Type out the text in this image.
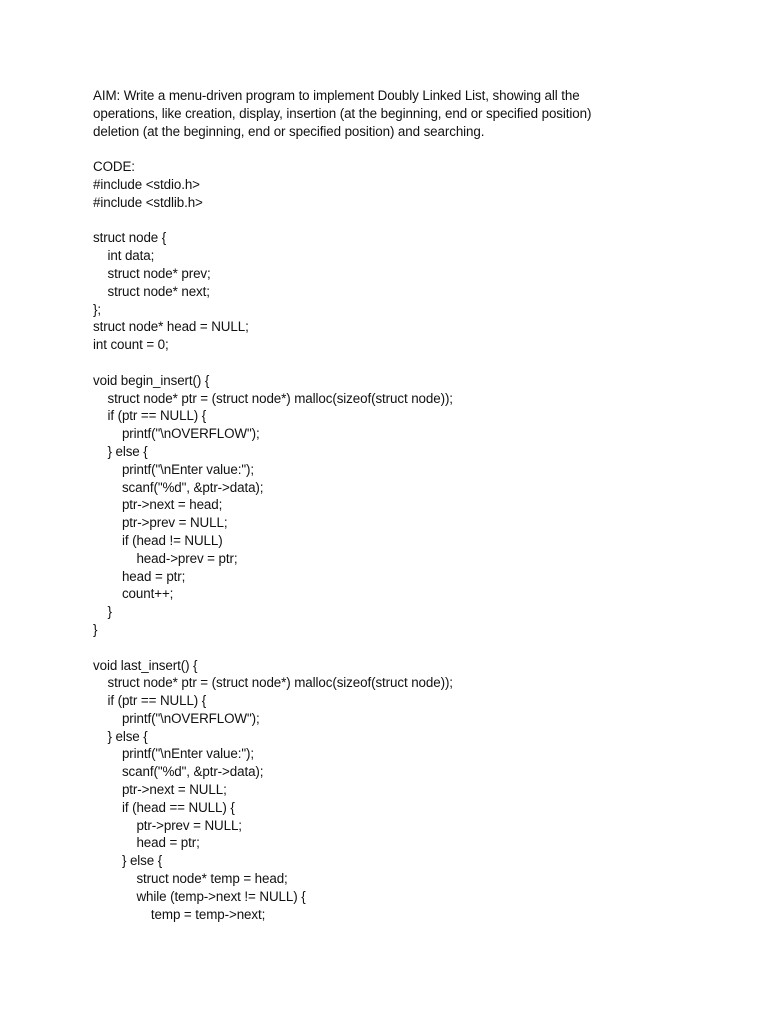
AIM: Write a menu-driven program to implement Doubly Linked List, showing all the
operations, like creation, display, insertion (at the beginning, end or specified position)
deletion (at the beginning, end or specified position) and searching.
CODE:
#include <stdio.h>
#include <stdlib.h>
struct node {
int data;
struct node* prev;
struct node* next;
};
struct node* head = NULL;
int count = 0;
void begin_insert() {
struct node* ptr = (struct node*) malloc(sizeof(struct node));
if (ptr == NULL) {
printf("\nOVERFLOW");
} else {
printf("\nEnter value:");
scanf("%d", &ptr->data);
ptr->next = head;
ptr->prev = NULL;
if (head != NULL)
head->prev = ptr;
head = ptr;
count++;
}
}
void last_insert() {
struct node* ptr = (struct node*) malloc(sizeof(struct node));
if (ptr == NULL) {
printf("\nOVERFLOW");
} else {
printf("\nEnter value:");
scanf("%d", &ptr->data);
ptr->next = NULL;
if (head == NULL) {
ptr->prev = NULL;
head = ptr;
} else {
struct node* temp = head;
while (temp->next != NULL) {
temp = temp->next;
